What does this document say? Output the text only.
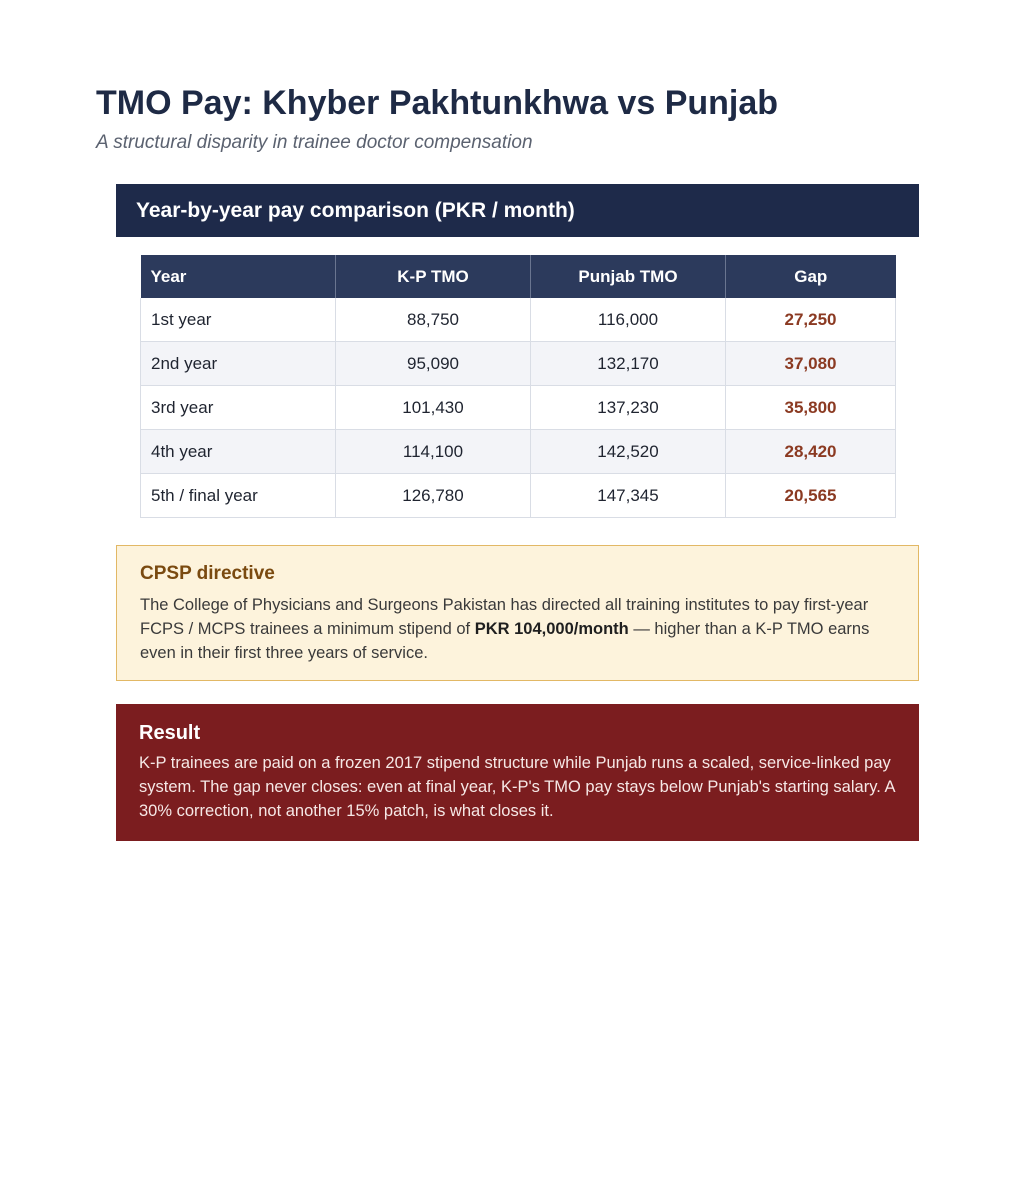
TMO Pay: Khyber Pakhtunkhwa vs Punjab

A structural disparity in trainee doctor compensation

Year-by-year pay comparison (PKR / month)
Year	K-P TMO	Punjab TMO	Gap
1st year	88,750	116,000	27,250
2nd year	95,090	132,170	37,080
3rd year	101,430	137,230	35,800
4th year	114,100	142,520	28,420
5th / final year	126,780	147,345	20,565
CPSP directive

The College of Physicians and Surgeons Pakistan has directed all training institutes to pay first-year FCPS / MCPS trainees a minimum stipend of PKR 104,000/month — higher than a K-P TMO earns even in their first three years of service.

Result

K-P trainees are paid on a frozen 2017 stipend structure while Punjab runs a scaled, service-linked pay system. The gap never closes: even at final year, K-P's TMO pay stays below Punjab's starting salary. A 30% correction, not another 15% patch, is what closes it.
